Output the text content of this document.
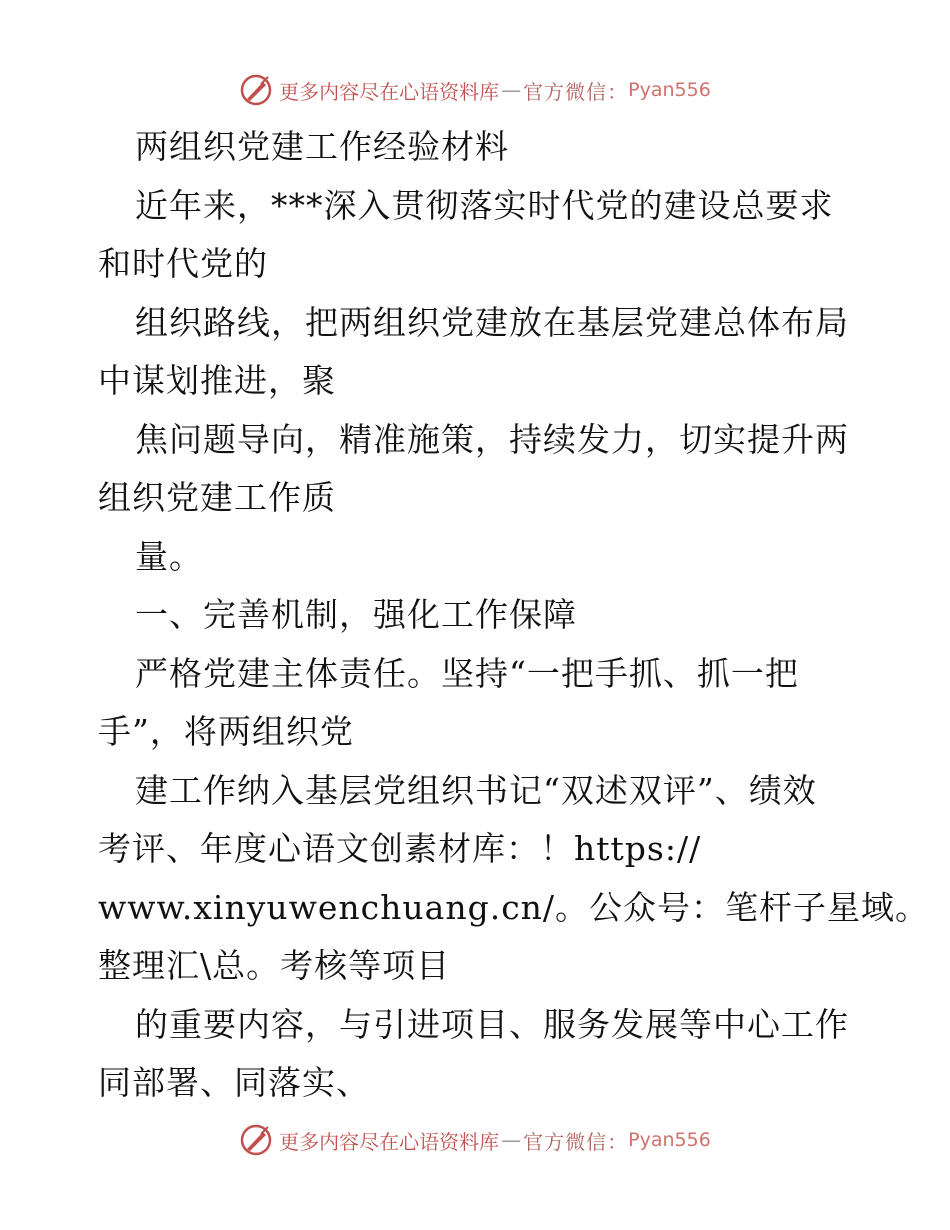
更多内容尽在心语资料库 — 官方微信： Pyan556
两组织党建工作经验材料
近年来，***深入贯彻落实时代党的建设总要求
和时代党的
组织路线，把两组织党建放在基层党建总体布局
中谋划推进，聚
焦问题导向，精准施策，持续发力，切实提升两
组织党建工作质
量。
一、完善机制，强化工作保障
严格党建主体责任。坚持“一把手抓、抓一把
手”，将两组织党
建工作纳入基层党组织书记“双述双评”、绩效
考评、年度心语文创素材库：！https://
www.xinyuwenchuang.cn/。公众号：笔杆子星域。
整理汇\总。考核等项目
的重要内容，与引进项目、服务发展等中心工作
同部署、同落实、
更多内容尽在心语资料库 — 官方微信： Pyan556
